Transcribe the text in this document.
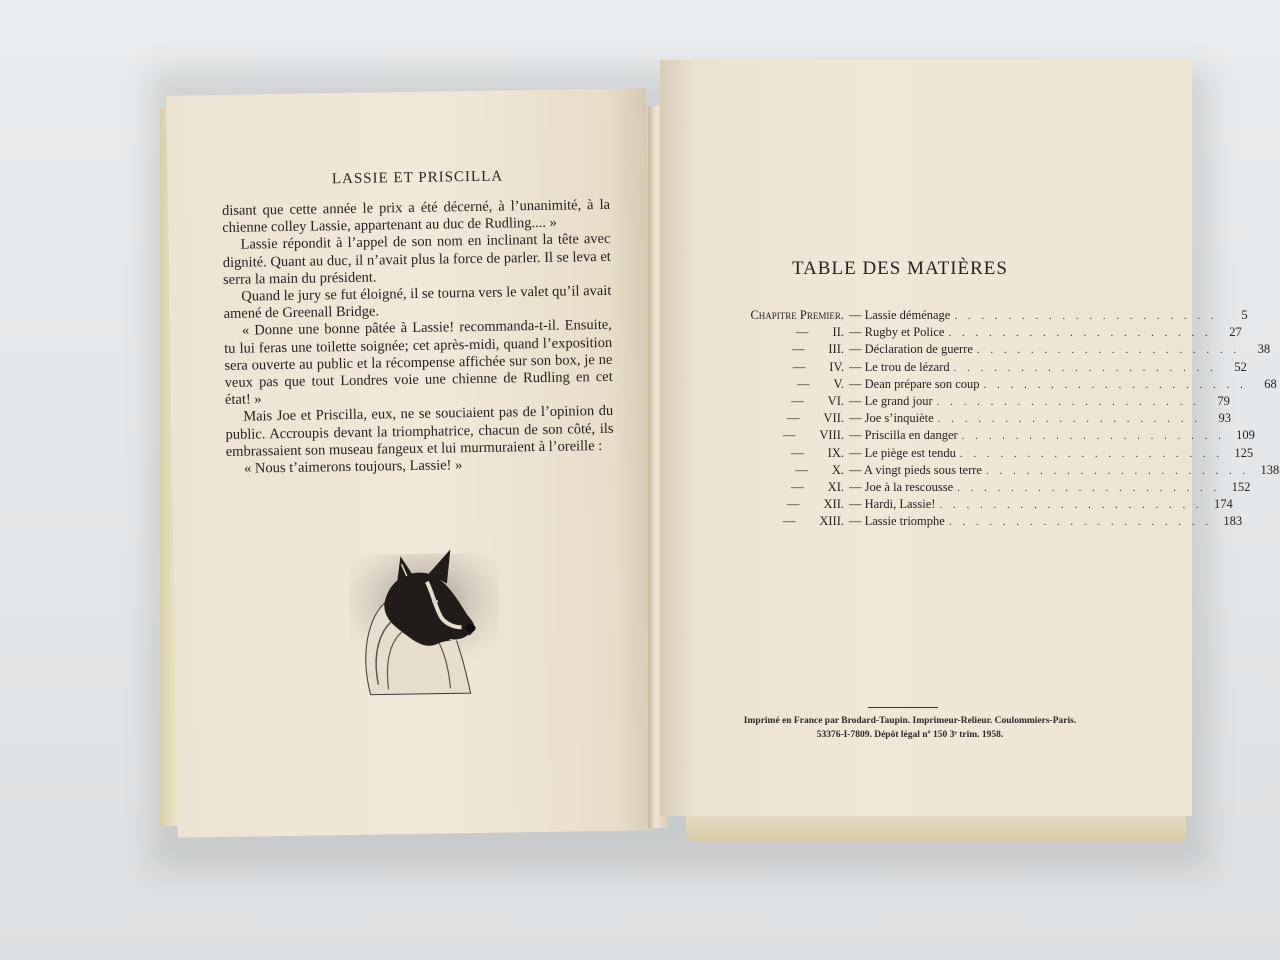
LASSIE ET PRISCILLA

disant que cette année le prix a été décerné, à l’unanimité, à la chienne colley Lassie, appartenant au duc de Rudling.... »

Lassie répondit à l’appel de son nom en inclinant la tête avec dignité. Quant au duc, il n’avait plus la force de parler. Il se leva et serra la main du président.

Quand le jury se fut éloigné, il se tourna vers le valet qu’il avait amené de Greenall Bridge.

« Donne une bonne pâtée à Lassie! recommanda-t-il. Ensuite, tu lui feras une toilette soignée; cet après-midi, quand l’exposition sera ouverte au public et la récompense affichée sur son box, je ne veux pas que tout Londres voie une chienne de Rudling en cet état! »

Mais Joe et Priscilla, eux, ne se souciaient pas de l’opinion du public. Accroupis devant la triomphatrice, chacun de son côté, ils embrassaient son museau fangeux et lui murmuraient à l’oreille :

« Nous t’aimerons toujours, Lassie! »

TABLE DES MATIÈRES
Chapitre Premier. — Lassie déménage . . . . . . . . . . . . . . . . . . . .	5
— II. — Rugby et Police . . . . . . . . . . . . . . . . . . . .	27
— III. — Déclaration de guerre . . . . . . . . . . . . . . . . . . . .	38
— IV. — Le trou de lézard . . . . . . . . . . . . . . . . . . . .	52
— V. — Dean prépare son coup . . . . . . . . . . . . . . . . . . . .	68
— VI. — Le grand jour . . . . . . . . . . . . . . . . . . . .	79
— VII. — Joe s’inquiète . . . . . . . . . . . . . . . . . . . .	93
— VIII. — Priscilla en danger . . . . . . . . . . . . . . . . . . . . 109
— IX. — Le piège est tendu . . . . . . . . . . . . . . . . . . . . 125
— X. — A vingt pieds sous terre . . . . . . . . . . . . . . . . . . . . 138
— XI. — Joe à la rescousse . . . . . . . . . . . . . . . . . . . . 152
— XII. — Hardi, Lassie! . . . . . . . . . . . . . . . . . . . . 174
— XIII. — Lassie triomphe . . . . . . . . . . . . . . . . . . . . 183
Imprimé en France par Brodard-Taupin. Imprimeur-Relieur. Coulommiers-Paris.
53376-I-7809. Dépôt légal nº 150 3ᵉ trim. 1958.
